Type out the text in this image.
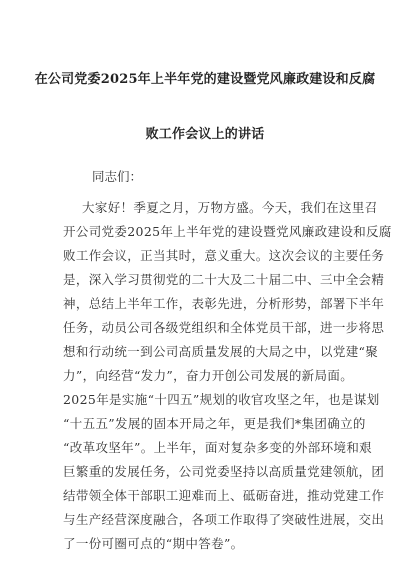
在公司党委2025年上半年党的建设暨党风廉政建设和反腐
败工作会议上的讲话
同志们：
大家好！季夏之月，万物方盛。今天，我们在这里召
开公司党委2025年上半年党的建设暨党风廉政建设和反腐
败工作会议，正当其时，意义重大。这次会议的主要任务
是，深入学习贯彻党的二十大及二十届二中、三中全会精
神，总结上半年工作，表彰先进，分析形势，部署下半年
任务，动员公司各级党组织和全体党员干部，进一步将思
想和行动统一到公司高质量发展的大局之中，以党建“聚
力”，向经营“发力”，奋力开创公司发展的新局面。
2025年是实施“十四五”规划的收官攻坚之年，也是谋划
“十五五”发展的固本开局之年，更是我们*集团确立的
“改革攻坚年”。上半年，面对复杂多变的外部环境和艰
巨繁重的发展任务，公司党委坚持以高质量党建领航，团
结带领全体干部职工迎难而上、砥砺奋进，推动党建工作
与生产经营深度融合，各项工作取得了突破性进展，交出
了一份可圈可点的“期中答卷”。
